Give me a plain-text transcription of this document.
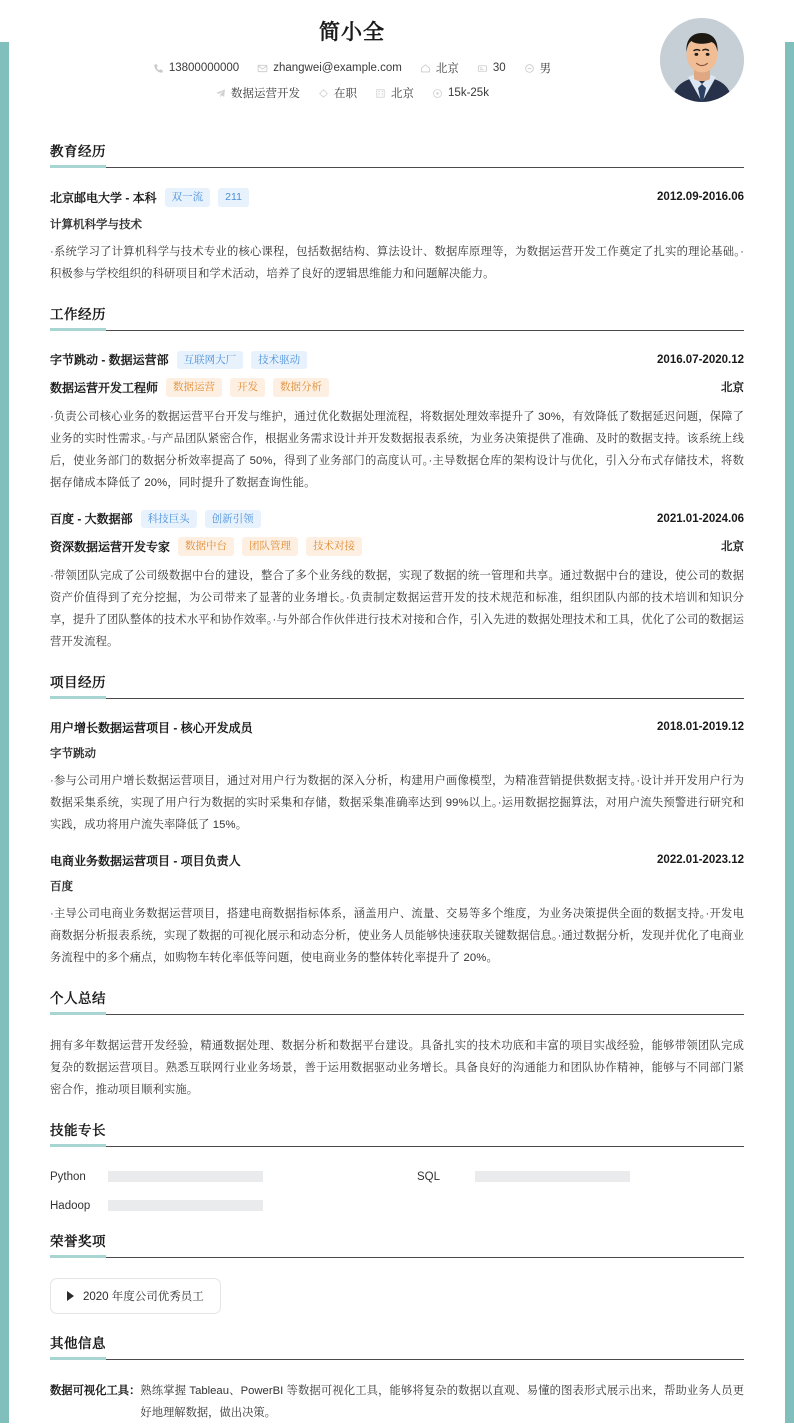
简小全
13800000000	zhangwei@example.com	北京	30	男
数据运营开发	在职	北京	15k-25k
教育经历
北京邮电大学 - 本科	双一流	211	2012.09-2016.06
计算机科学与技术
·系统学习了计算机科学与技术专业的核心课程，包括数据结构、算法设计、数据库原理等，为数据运营开发工作奠定了扎实的理论基础。·积极参与学校组织的科研项目和学术活动，培养了良好的逻辑思维能力和问题解决能力。
工作经历
字节跳动 - 数据运营部	互联网大厂	技术驱动	2016.07-2020.12
数据运营开发工程师	数据运营	开发	数据分析	北京
·负责公司核心业务的数据运营平台开发与维护，通过优化数据处理流程，将数据处理效率提升了 30%，有效降低了数据延迟问题，保障了业务的实时性需求。·与产品团队紧密合作，根据业务需求设计并开发数据报表系统，为业务决策提供了准确、及时的数据支持。该系统上线后，使业务部门的数据分析效率提高了 50%，得到了业务部门的高度认可。·主导数据仓库的架构设计与优化，引入分布式存储技术，将数据存储成本降低了 20%，同时提升了数据查询性能。
百度 - 大数据部	科技巨头	创新引领	2021.01-2024.06
资深数据运营开发专家	数据中台	团队管理	技术对接	北京
·带领团队完成了公司级数据中台的建设，整合了多个业务线的数据，实现了数据的统一管理和共享。通过数据中台的建设，使公司的数据资产价值得到了充分挖掘，为公司带来了显著的业务增长。·负责制定数据运营开发的技术规范和标准，组织团队内部的技术培训和知识分享，提升了团队整体的技术水平和协作效率。·与外部合作伙伴进行技术对接和合作，引入先进的数据处理技术和工具，优化了公司的数据运营开发流程。
项目经历
用户增长数据运营项目 - 核心开发成员	2018.01-2019.12
字节跳动
·参与公司用户增长数据运营项目，通过对用户行为数据的深入分析，构建用户画像模型，为精准营销提供数据支持。·设计并开发用户行为数据采集系统，实现了用户行为数据的实时采集和存储，数据采集准确率达到 99%以上。·运用数据挖掘算法，对用户流失预警进行研究和实践，成功将用户流失率降低了 15%。
电商业务数据运营项目 - 项目负责人	2022.01-2023.12
百度
·主导公司电商业务数据运营项目，搭建电商数据指标体系，涵盖用户、流量、交易等多个维度，为业务决策提供全面的数据支持。·开发电商数据分析报表系统，实现了数据的可视化展示和动态分析，使业务人员能够快速获取关键数据信息。·通过数据分析，发现并优化了电商业务流程中的多个痛点，如购物车转化率低等问题，使电商业务的整体转化率提升了 20%。
个人总结
拥有多年数据运营开发经验，精通数据处理、数据分析和数据平台建设。具备扎实的技术功底和丰富的项目实战经验，能够带领团队完成复杂的数据运营项目。熟悉互联网行业业务场景，善于运用数据驱动业务增长。具备良好的沟通能力和团队协作精神，能够与不同部门紧密合作，推动项目顺利实施。
技能专长
Python	SQL
Hadoop
荣誉奖项
2020 年度公司优秀员工
其他信息
数据可视化工具： 熟练掌握 Tableau、PowerBI 等数据可视化工具，能够将复杂的数据以直观、易懂的图表形式展示出来，帮助业务人员更好地理解数据，做出决策。
